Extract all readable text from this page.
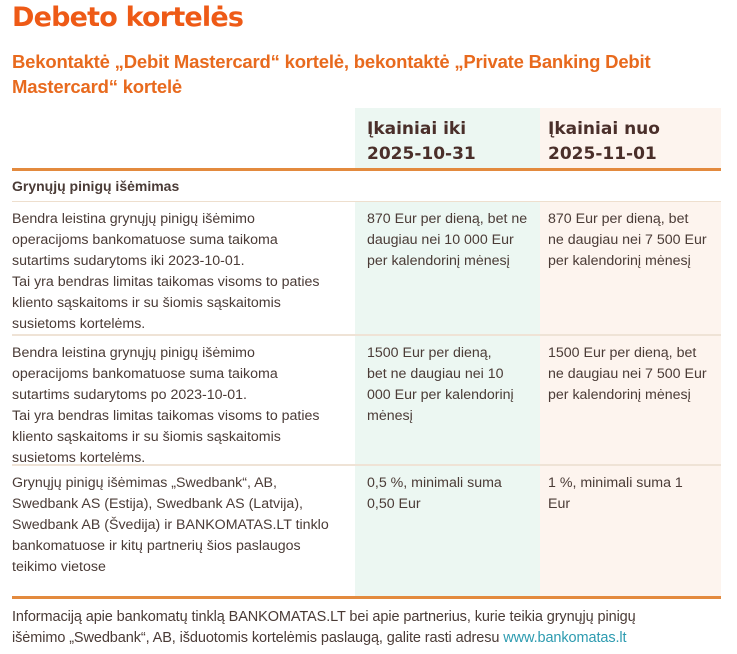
Debeto kortelės
Bekontaktė „Debit Mastercard“ kortelė, bekontaktė „Private Banking Debit Mastercard“ kortelė
Įkainiai iki
2025-10-31
Įkainiai nuo
2025-11-01
Grynųjų pinigų išėmimas
Bendra leistina grynųjų pinigų išėmimo
operacijoms bankomatuose suma taikoma
sutartims sudarytoms iki 2023-10-01.
Tai yra bendras limitas taikomas visoms to paties
kliento sąskaitoms ir su šiomis sąskaitomis
susietoms kortelėms.
870 Eur per dieną, bet ne
daugiau nei 10 000 Eur
per kalendorinį mėnesį
870 Eur per dieną, bet
ne daugiau nei 7 500 Eur
per kalendorinį mėnesį
Bendra leistina grynųjų pinigų išėmimo
operacijoms bankomatuose suma taikoma
sutartims sudarytoms po 2023-10-01.
Tai yra bendras limitas taikomas visoms to paties
kliento sąskaitoms ir su šiomis sąskaitomis
susietoms kortelėms.
1500 Eur per dieną,
bet ne daugiau nei 10
000 Eur per kalendorinį
mėnesį
1500 Eur per dieną, bet
ne daugiau nei 7 500 Eur
per kalendorinį mėnesį
Grynųjų pinigų išėmimas „Swedbank“, AB,
Swedbank AS (Estija), Swedbank AS (Latvija),
Swedbank AB (Švedija) ir BANKOMATAS.LT tinklo
bankomatuose ir kitų partnerių šios paslaugos
teikimo vietose
0,5 %, minimali suma
0,50 Eur
1 %, minimali suma 1
Eur
Informaciją apie bankomatų tinklą BANKOMATAS.LT bei apie partnerius, kurie teikia grynųjų pinigų
išėmimo „Swedbank“, AB, išduotomis kortelėmis paslaugą, galite rasti adresu www.bankomatas.lt
